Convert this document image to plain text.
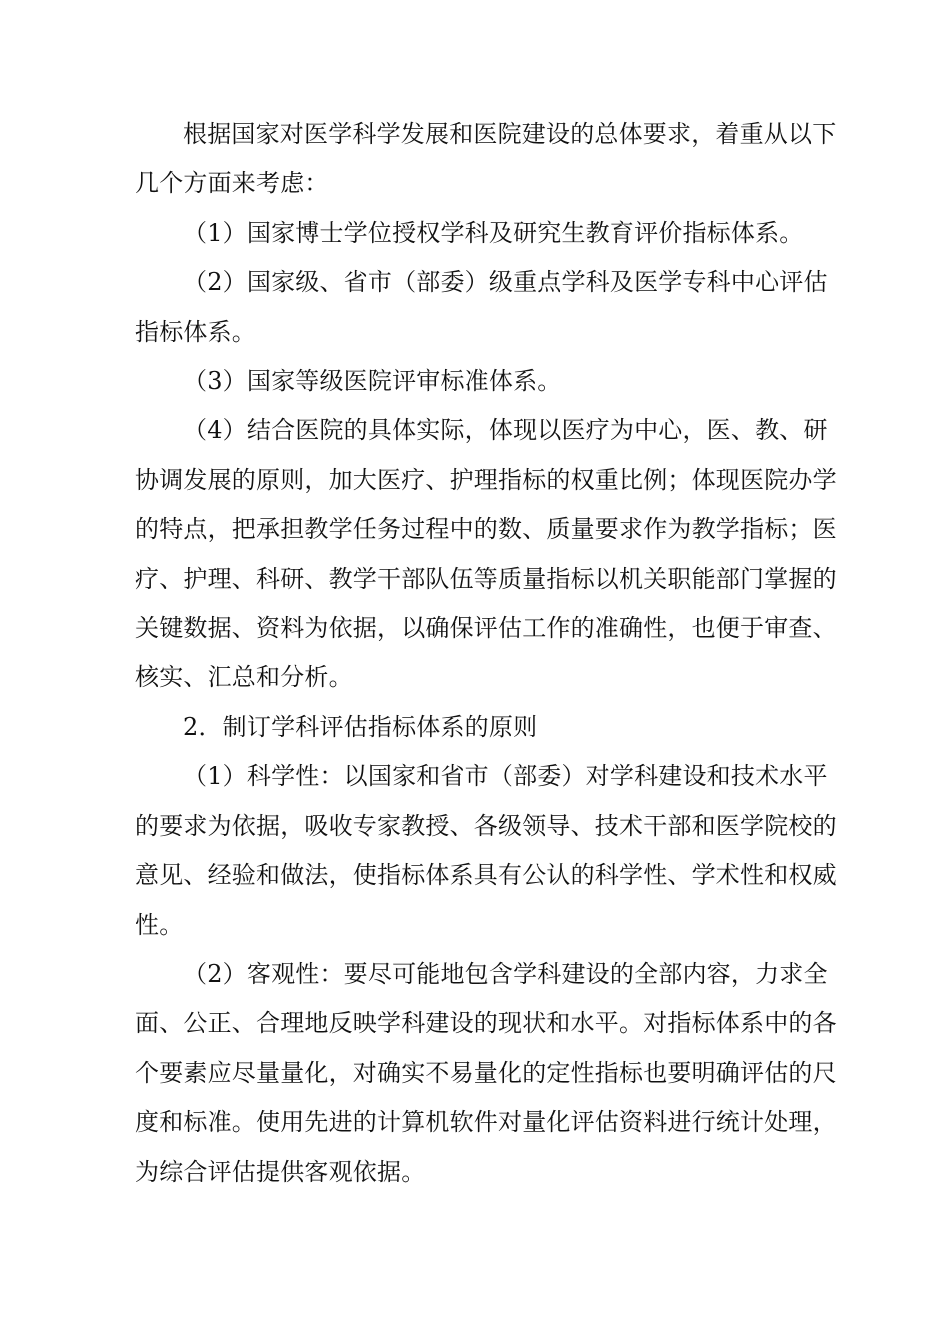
根据国家对医学科学发展和医院建设的总体要求，着重从以下几个方面来考虑：

（1）国家博士学位授权学科及研究生教育评价指标体系。

（2）国家级、省市（部委）级重点学科及医学专科中心评估指标体系。

（3）国家等级医院评审标准体系。

（4）结合医院的具体实际，体现以医疗为中心，医、教、研协调发展的原则，加大医疗、护理指标的权重比例；体现医院办学的特点，把承担教学任务过程中的数、质量要求作为教学指标；医疗、护理、科研、教学干部队伍等质量指标以机关职能部门掌握的关键数据、资料为依据，以确保评估工作的准确性，也便于审查、核实、汇总和分析。

2．制订学科评估指标体系的原则

（1）科学性：以国家和省市（部委）对学科建设和技术水平的要求为依据，吸收专家教授、各级领导、技术干部和医学院校的意见、经验和做法，使指标体系具有公认的科学性、学术性和权威性。

（2）客观性：要尽可能地包含学科建设的全部内容，力求全面、公正、合理地反映学科建设的现状和水平。对指标体系中的各个要素应尽量量化，对确实不易量化的定性指标也要明确评估的尺度和标准。使用先进的计算机软件对量化评估资料进行统计处理，为综合评估提供客观依据。
